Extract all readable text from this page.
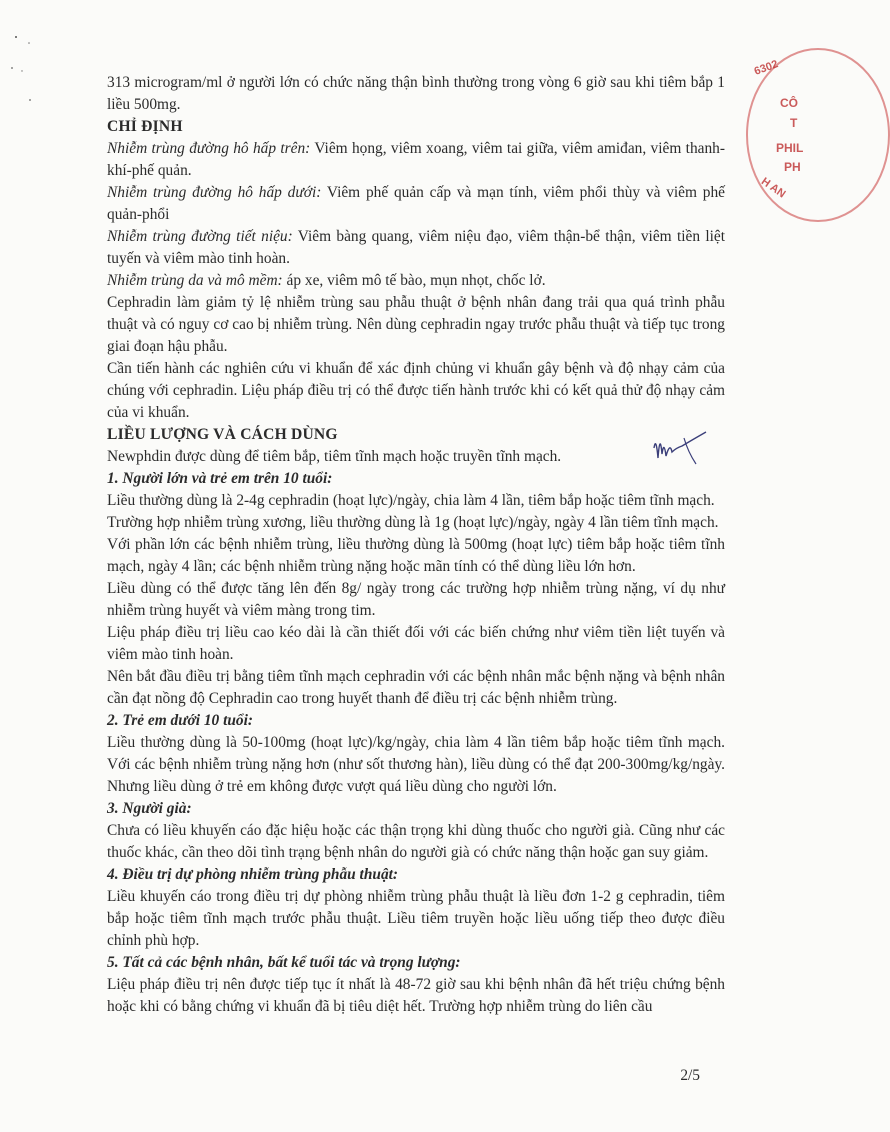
6302
CÔ
T
PHIL
PH
H AN

313 microgram/ml ở người lớn có chức năng thận bình thường trong vòng 6 giờ sau khi tiêm bắp 1 liều 500mg.

CHỈ ĐỊNH

Nhiễm trùng đường hô hấp trên: Viêm họng, viêm xoang, viêm tai giữa, viêm amiđan, viêm thanh-khí-phế quản.

Nhiễm trùng đường hô hấp dưới: Viêm phế quản cấp và mạn tính, viêm phổi thùy và viêm phế quản-phổi

Nhiễm trùng đường tiết niệu: Viêm bàng quang, viêm niệu đạo, viêm thận-bể thận, viêm tiền liệt tuyến và viêm mào tinh hoàn.

Nhiễm trùng da và mô mềm: áp xe, viêm mô tế bào, mụn nhọt, chốc lở.

Cephradin làm giảm tỷ lệ nhiễm trùng sau phẫu thuật ở bệnh nhân đang trải qua quá trình phẫu thuật và có nguy cơ cao bị nhiễm trùng. Nên dùng cephradin ngay trước phẫu thuật và tiếp tục trong giai đoạn hậu phẫu.

Cần tiến hành các nghiên cứu vi khuẩn để xác định chủng vi khuẩn gây bệnh và độ nhạy cảm của chúng với cephradin. Liệu pháp điều trị có thể được tiến hành trước khi có kết quả thử độ nhạy cảm của vi khuẩn.

LIỀU LƯỢNG VÀ CÁCH DÙNG

Newphdin được dùng để tiêm bắp, tiêm tĩnh mạch hoặc truyền tĩnh mạch.

1. Người lớn và trẻ em trên 10 tuổi:

Liều thường dùng là 2-4g cephradin (hoạt lực)/ngày, chia làm 4 lần, tiêm bắp hoặc tiêm tĩnh mạch.

Trường hợp nhiễm trùng xương, liều thường dùng là 1g (hoạt lực)/ngày, ngày 4 lần tiêm tĩnh mạch.

Với phần lớn các bệnh nhiễm trùng, liều thường dùng là 500mg (hoạt lực) tiêm bắp hoặc tiêm tĩnh mạch, ngày 4 lần; các bệnh nhiễm trùng nặng hoặc mãn tính có thể dùng liều lớn hơn.

Liều dùng có thể được tăng lên đến 8g/ ngày trong các trường hợp nhiễm trùng nặng, ví dụ như nhiễm trùng huyết và viêm màng trong tim.

Liệu pháp điều trị liều cao kéo dài là cần thiết đối với các biến chứng như viêm tiền liệt tuyến và viêm mào tinh hoàn.

Nên bắt đầu điều trị bằng tiêm tĩnh mạch cephradin với các bệnh nhân mắc bệnh nặng và bệnh nhân cần đạt nồng độ Cephradin cao trong huyết thanh để điều trị các bệnh nhiễm trùng.

2. Trẻ em dưới 10 tuổi:

Liều thường dùng là 50-100mg (hoạt lực)/kg/ngày, chia làm 4 lần tiêm bắp hoặc tiêm tĩnh mạch. Với các bệnh nhiễm trùng nặng hơn (như sốt thương hàn), liều dùng có thể đạt 200-300mg/kg/ngày. Nhưng liều dùng ở trẻ em không được vượt quá liều dùng cho người lớn.

3. Người già:

Chưa có liều khuyến cáo đặc hiệu hoặc các thận trọng khi dùng thuốc cho người già. Cũng như các thuốc khác, cần theo dõi tình trạng bệnh nhân do người già có chức năng thận hoặc gan suy giảm.

4. Điều trị dự phòng nhiễm trùng phẫu thuật:

Liều khuyến cáo trong điều trị dự phòng nhiễm trùng phẫu thuật là liều đơn 1-2 g cephradin, tiêm bắp hoặc tiêm tĩnh mạch trước phẫu thuật. Liều tiêm truyền hoặc liều uống tiếp theo được điều chỉnh phù hợp.

5. Tất cả các bệnh nhân, bất kể tuổi tác và trọng lượng:

Liệu pháp điều trị nên được tiếp tục ít nhất là 48-72 giờ sau khi bệnh nhân đã hết triệu chứng bệnh hoặc khi có bằng chứng vi khuẩn đã bị tiêu diệt hết. Trường hợp nhiễm trùng do liên cầu

2/5
